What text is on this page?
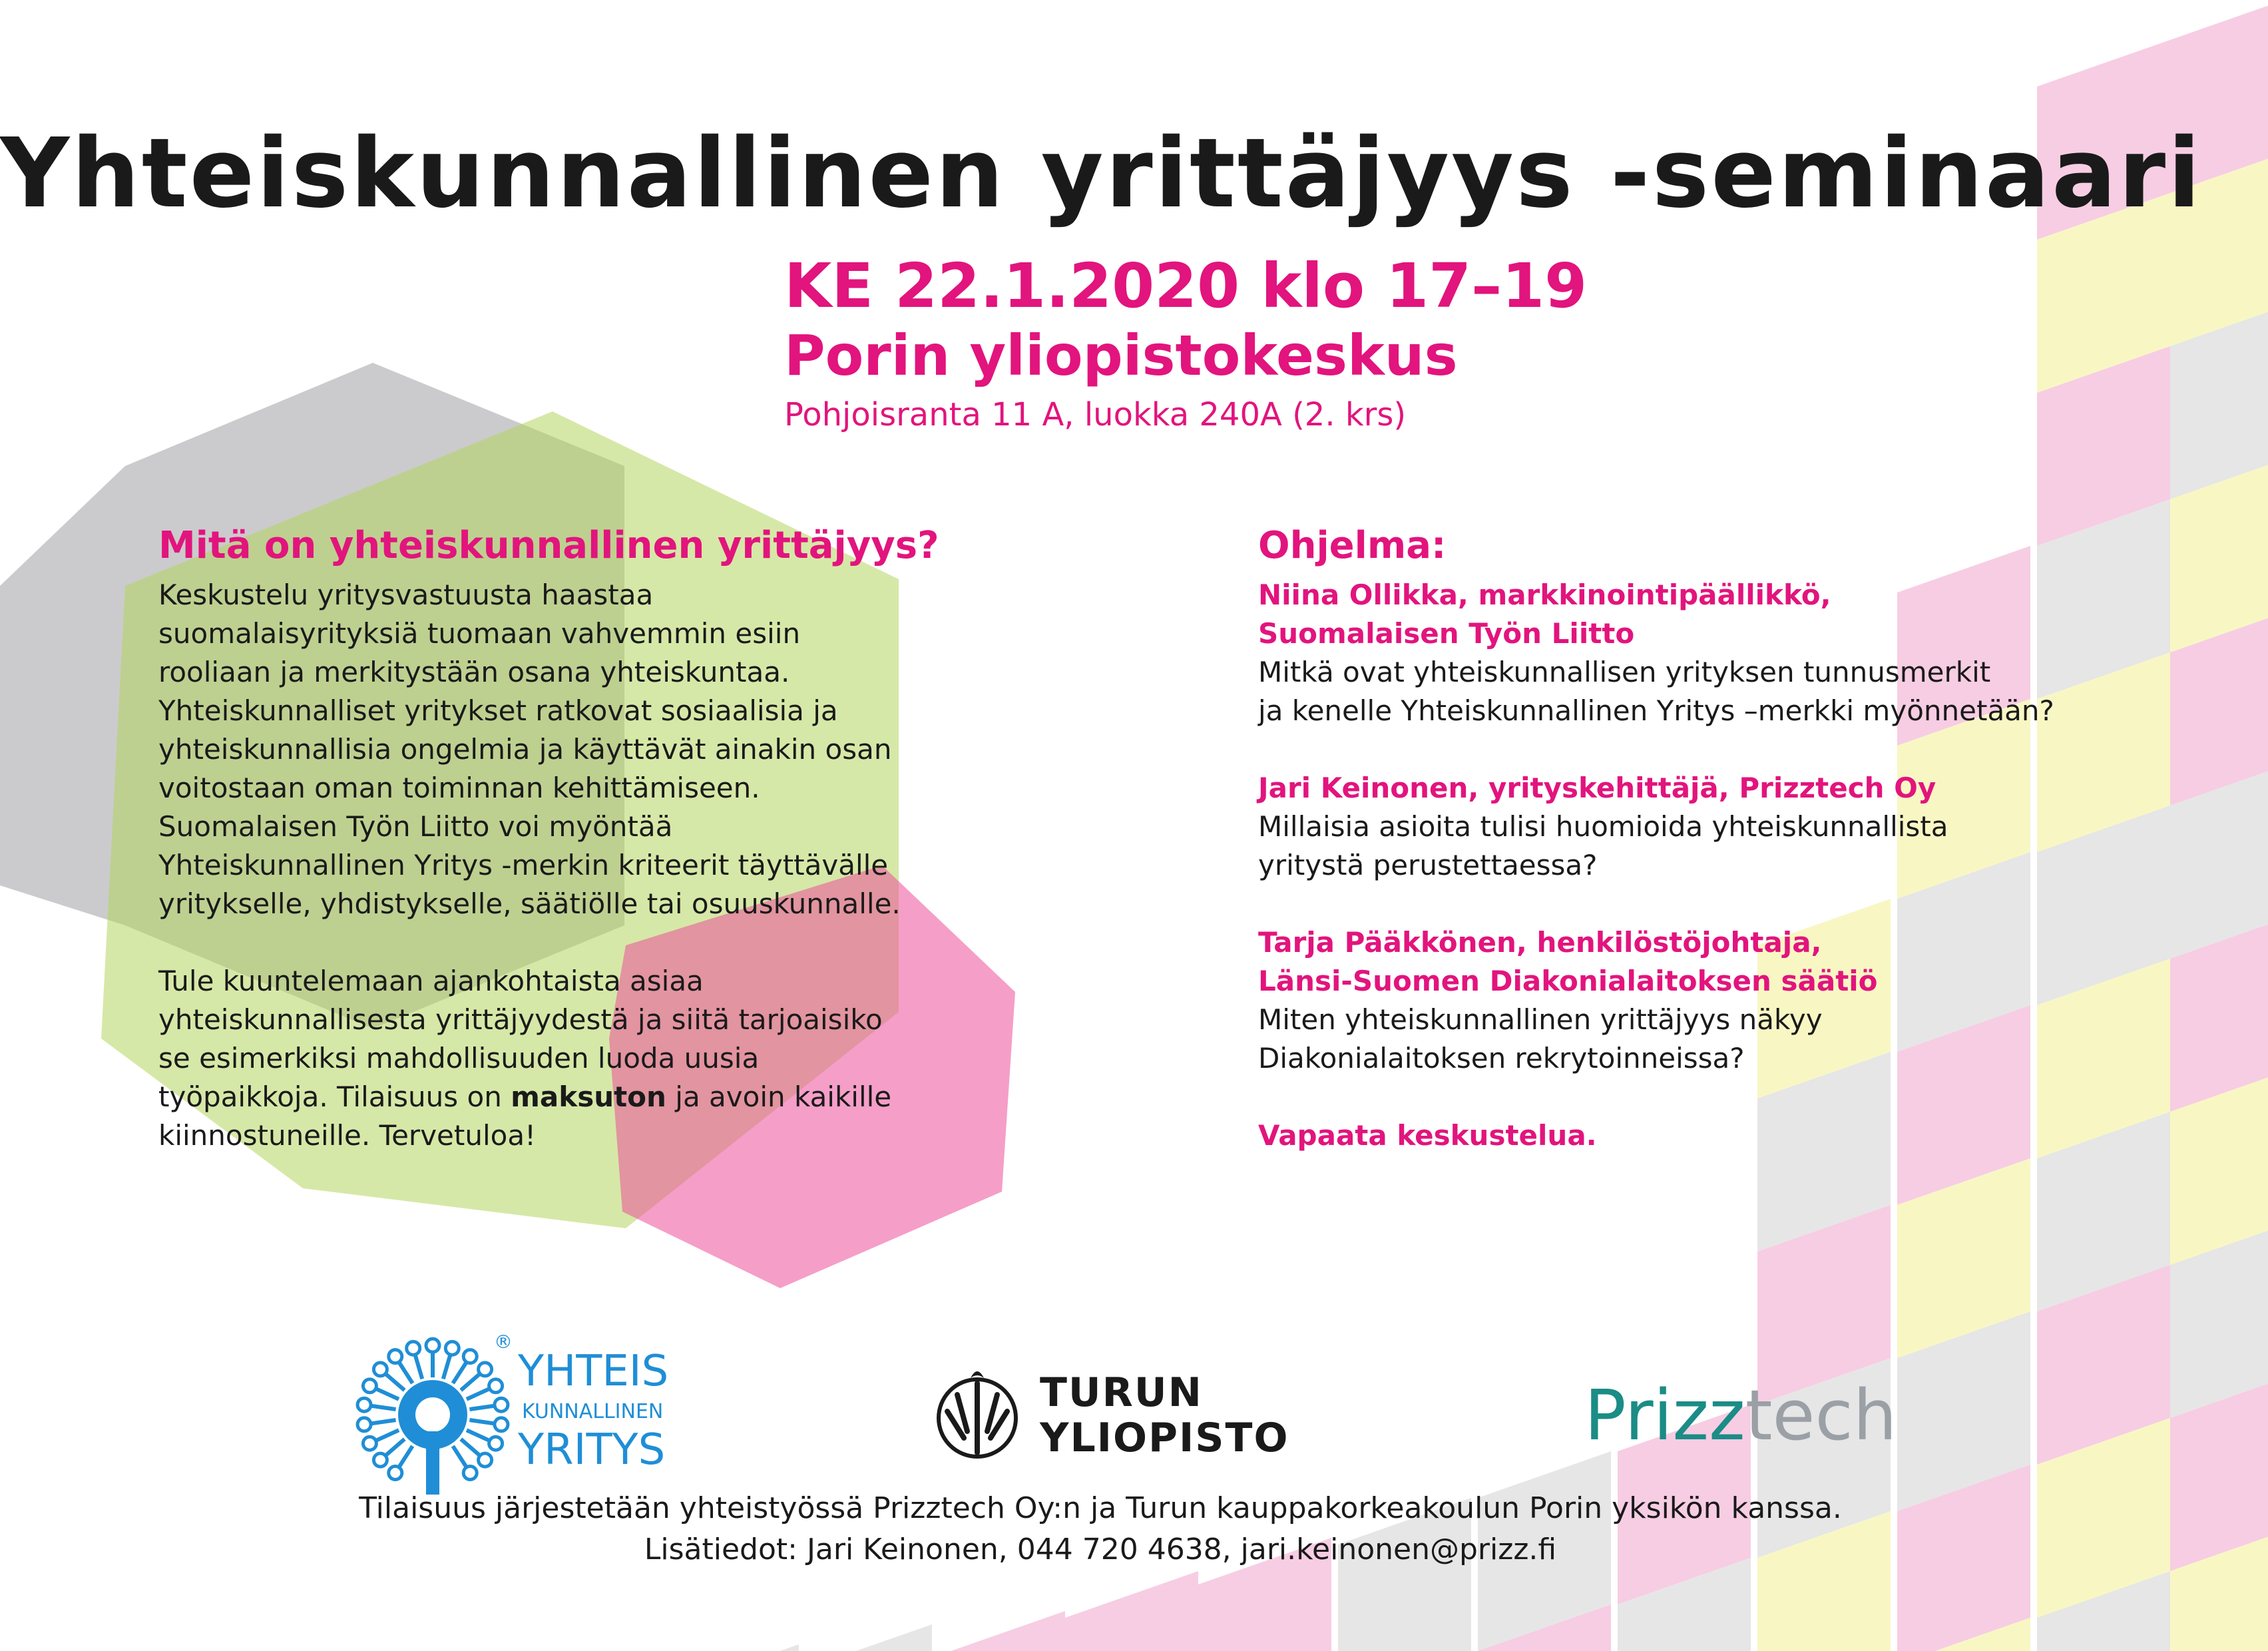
Yhteiskunnallinen yrittäjyys -seminaari
KE 22.1.2020 klo 17–19
Porin yliopistokeskus
Pohjoisranta 11 A, luokka 240A (2. krs)
Mitä on yhteiskunnallinen yrittäjyys?
Keskustelu yritysvastuusta haastaa
suomalaisyrityksiä tuomaan vahvemmin esiin
rooliaan ja merkitystään osana yhteiskuntaa.
Yhteiskunnalliset yritykset ratkovat sosiaalisia ja
yhteiskunnallisia ongelmia ja käyttävät ainakin osan
voitostaan oman toiminnan kehittämiseen.
Suomalaisen Työn Liitto voi myöntää
Yhteiskunnallinen Yritys -merkin kriteerit täyttävälle
yritykselle, yhdistykselle, säätiölle tai osuuskunnalle.
Tule kuuntelemaan ajankohtaista asiaa
yhteiskunnallisesta yrittäjyydestä ja siitä tarjoaisiko
se esimerkiksi mahdollisuuden luoda uusia
työpaikkoja. Tilaisuus on maksuton ja avoin kaikille
kiinnostuneille. Tervetuloa!
Ohjelma:
Niina Ollikka, markkinointipäällikkö,
Suomalaisen Työn Liitto
Mitkä ovat yhteiskunnallisen yrityksen tunnusmerkit
ja kenelle Yhteiskunnallinen Yritys –merkki myönnetään?
Jari Keinonen, yrityskehittäjä, Prizztech Oy
Millaisia asioita tulisi huomioida yhteiskunnallista
yritystä perustettaessa?
Tarja Pääkkönen, henkilöstöjohtaja,
Länsi-Suomen Diakonialaitoksen säätiö
Miten yhteiskunnallinen yrittäjyys näkyy
Diakonialaitoksen rekrytoinneissa?
Vapaata keskustelua.
®
YHTEIS
KUNNALLINEN
YRITYS
TURUN
YLIOPISTO	Prizztech
Tilaisuus järjestetään yhteistyössä Prizztech Oy:n ja Turun kauppakorkeakoulun Porin yksikön kanssa.
Lisätiedot: Jari Keinonen, 044 720 4638, jari.keinonen@prizz.fi
